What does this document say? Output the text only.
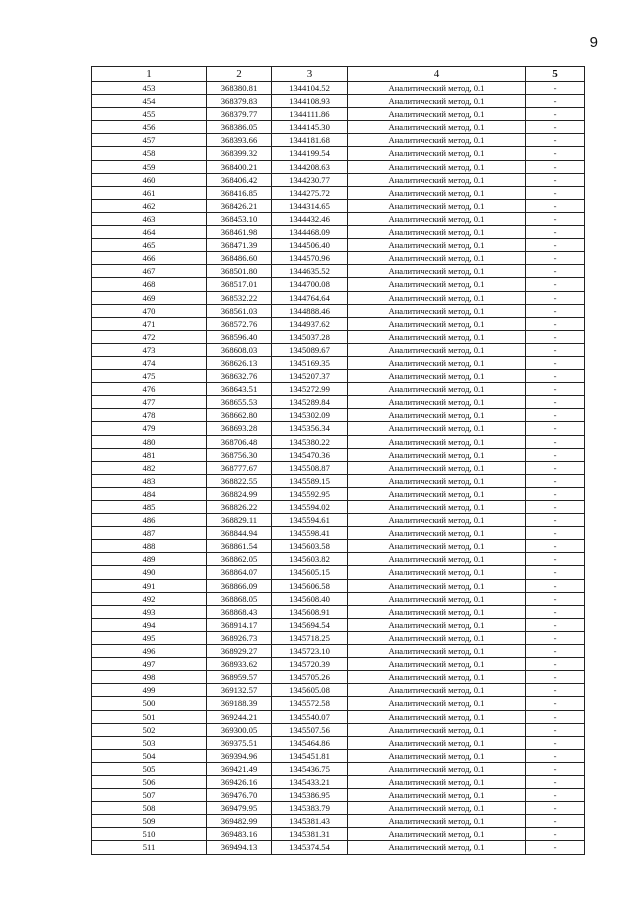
9
1	2	3	4	5
453	368380.81	1344104.52	Аналитический метод, 0.1	-
454	368379.83	1344108.93	Аналитический метод, 0.1	-
455	368379.77	1344111.86	Аналитический метод, 0.1	-
456	368386.05	1344145.30	Аналитический метод, 0.1	-
457	368393.66	1344181.68	Аналитический метод, 0.1	-
458	368399.32	1344199.54	Аналитический метод, 0.1	-
459	368400.21	1344208.63	Аналитический метод, 0.1	-
460	368406.42	1344230.77	Аналитический метод, 0.1	-
461	368416.85	1344275.72	Аналитический метод, 0.1	-
462	368426.21	1344314.65	Аналитический метод, 0.1	-
463	368453.10	1344432.46	Аналитический метод, 0.1	-
464	368461.98	1344468.09	Аналитический метод, 0.1	-
465	368471.39	1344506.40	Аналитический метод, 0.1	-
466	368486.60	1344570.96	Аналитический метод, 0.1	-
467	368501.80	1344635.52	Аналитический метод, 0.1	-
468	368517.01	1344700.08	Аналитический метод, 0.1	-
469	368532.22	1344764.64	Аналитический метод, 0.1	-
470	368561.03	1344888.46	Аналитический метод, 0.1	-
471	368572.76	1344937.62	Аналитический метод, 0.1	-
472	368596.40	1345037.28	Аналитический метод, 0.1	-
473	368608.03	1345089.67	Аналитический метод, 0.1	-
474	368626.13	1345169.35	Аналитический метод, 0.1	-
475	368632.76	1345207.37	Аналитический метод, 0.1	-
476	368643.51	1345272.99	Аналитический метод, 0.1	-
477	368655.53	1345289.84	Аналитический метод, 0.1	-
478	368662.80	1345302.09	Аналитический метод, 0.1	-
479	368693.28	1345356.34	Аналитический метод, 0.1	-
480	368706.48	1345380.22	Аналитический метод, 0.1	-
481	368756.30	1345470.36	Аналитический метод, 0.1	-
482	368777.67	1345508.87	Аналитический метод, 0.1	-
483	368822.55	1345589.15	Аналитический метод, 0.1	-
484	368824.99	1345592.95	Аналитический метод, 0.1	-
485	368826.22	1345594.02	Аналитический метод, 0.1	-
486	368829.11	1345594.61	Аналитический метод, 0.1	-
487	368844.94	1345598.41	Аналитический метод, 0.1	-
488	368861.54	1345603.58	Аналитический метод, 0.1	-
489	368862.05	1345603.82	Аналитический метод, 0.1	-
490	368864.07	1345605.15	Аналитический метод, 0.1	-
491	368866.09	1345606.58	Аналитический метод, 0.1	-
492	368868.05	1345608.40	Аналитический метод, 0.1	-
493	368868.43	1345608.91	Аналитический метод, 0.1	-
494	368914.17	1345694.54	Аналитический метод, 0.1	-
495	368926.73	1345718.25	Аналитический метод, 0.1	-
496	368929.27	1345723.10	Аналитический метод, 0.1	-
497	368933.62	1345720.39	Аналитический метод, 0.1	-
498	368959.57	1345705.26	Аналитический метод, 0.1	-
499	369132.57	1345605.08	Аналитический метод, 0.1	-
500	369188.39	1345572.58	Аналитический метод, 0.1	-
501	369244.21	1345540.07	Аналитический метод, 0.1	-
502	369300.05	1345507.56	Аналитический метод, 0.1	-
503	369375.51	1345464.86	Аналитический метод, 0.1	-
504	369394.96	1345451.81	Аналитический метод, 0.1	-
505	369421.49	1345436.75	Аналитический метод, 0.1	-
506	369426.16	1345433.21	Аналитический метод, 0.1	-
507	369476.70	1345386.95	Аналитический метод, 0.1	-
508	369479.95	1345383.79	Аналитический метод, 0.1	-
509	369482.99	1345381.43	Аналитический метод, 0.1	-
510	369483.16	1345381.31	Аналитический метод, 0.1	-
511	369494.13	1345374.54	Аналитический метод, 0.1	-
